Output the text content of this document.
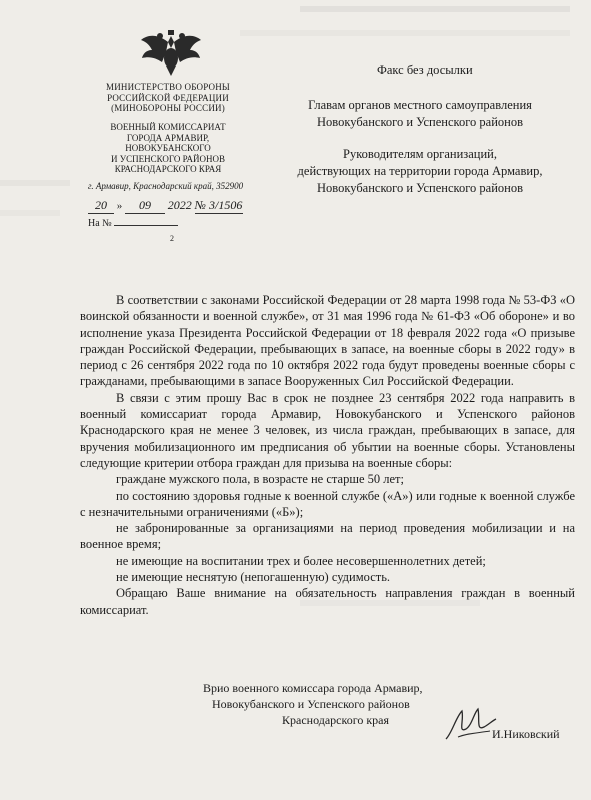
МИНИСТЕРСТВО ОБОРОНЫ
РОССИЙСКОЙ ФЕДЕРАЦИИ
(МИНОБОРОНЫ РОССИИ)
ВОЕННЫЙ КОМИССАРИАТ
ГОРОДА АРМАВИР,
НОВОКУБАНСКОГО
И УСПЕНСКОГО РАЙОНОВ
КРАСНОДАРСКОГО КРАЯ
г. Армавир, Краснодарский край, 352900
20 » 09 2022 № 3/1506
На №
2
Факс без досылки
Главам органов местного самоуправления
Новокубанского и Успенского районов
Руководителям организаций,
действующих на территории города Армавир,
Новокубанского и Успенского районов

В соответствии с законами Российской Федерации от 28 марта 1998 года № 53-ФЗ «О воинской обязанности и военной службе», от 31 мая 1996 года № 61-ФЗ «Об обороне» и во исполнение указа Президента Российской Федерации от 18 февраля 2022 года «О призыве граждан Российской Федерации, пребывающих в запасе, на военные сборы в 2022 году» в период с 26 сентября 2022 года по 10 октября 2022 года будут проведены военные сборы с гражданами, пребывающими в запасе Вооруженных Сил Российской Федерации.

В связи с этим прошу Вас в срок не позднее 23 сентября 2022 года направить в военный комиссариат города Армавир, Новокубанского и Успенского районов Краснодарского края не менее 3 человек, из числа граждан, пребывающих в запасе, для вручения мобилизационного им предписания об убытии на военные сборы. Установлены следующие критерии отбора граждан для призыва на военные сборы:

граждане мужского пола, в возрасте не старше 50 лет;

по состоянию здоровья годные к военной службе («А») или годные к военной службе с незначительными ограничениями («Б»);

не забронированные за организациями на период проведения мобилизации и на военное время;

не имеющие на воспитании трех и более несовершеннолетних детей;

не имеющие неснятую (непогашенную) судимость.

Обращаю Ваше внимание на обязательность направления граждан в военный комиссариат.

Врио военного комиссара города Армавир,
Новокубанского и Успенского районов
Краснодарского края
И.Никовский
